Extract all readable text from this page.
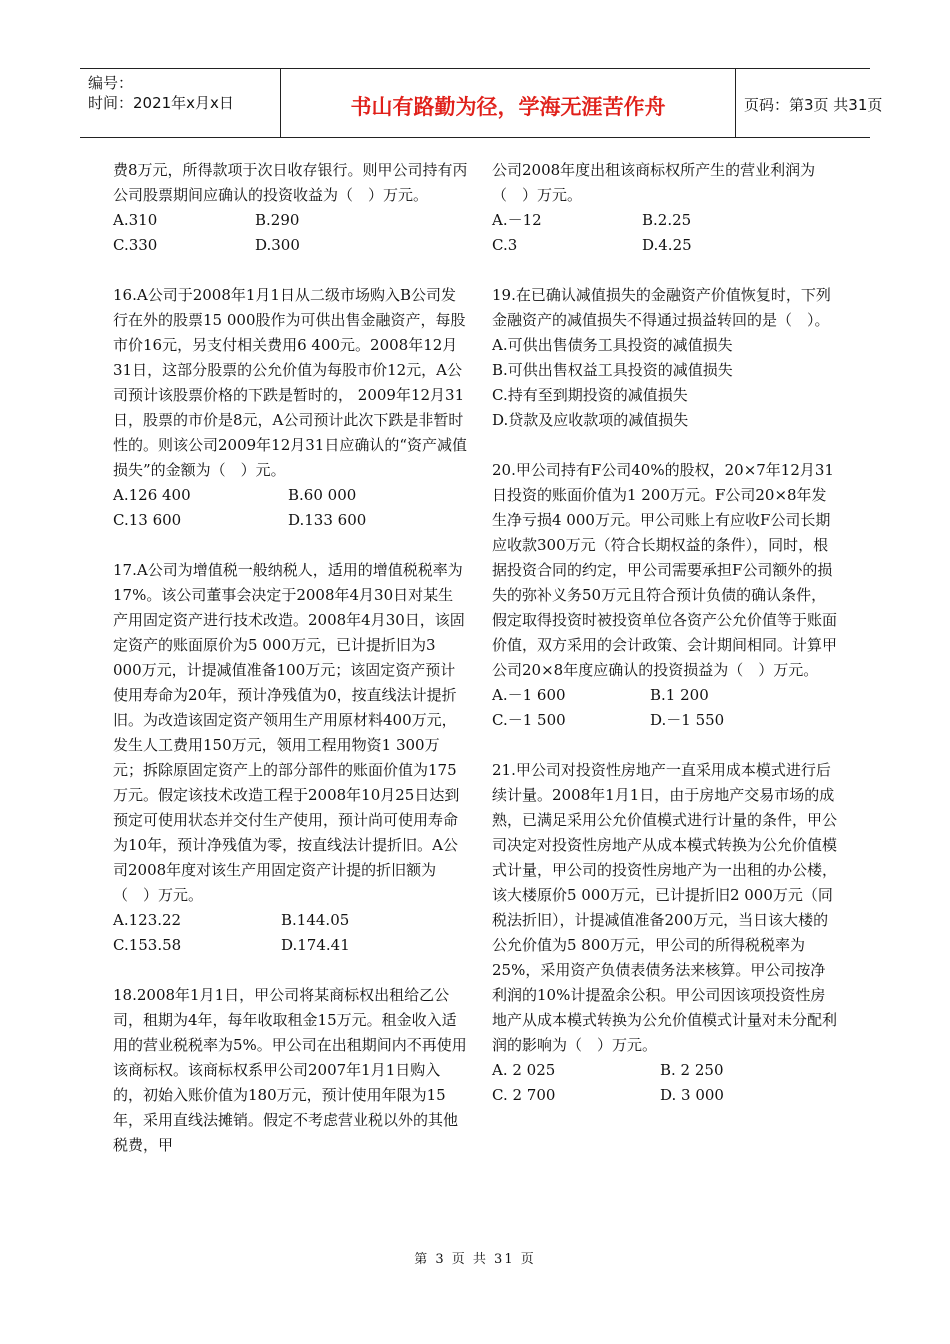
编号：
时间：2021年x月x日	书山有路勤为径，学海无涯苦作舟	页码：第3页 共31页
费8万元，所得款项于次日收存银行。则甲公司持有丙公司股票期间应确认的投资收益为（　）万元。
A.310	B.290
C.330	D.300
16.A公司于2008年1月1日从二级市场购入B公司发行在外的股票15 000股作为可供出售金融资产，每股市价16元，另支付相关费用6 400元。2008年12月31日，这部分股票的公允价值为每股市价12元，A公司预计该股票价格的下跌是暂时的， 2009年12月31日，股票的市价是8元，A公司预计此次下跌是非暂时性的。则该公司2009年12月31日应确认的“资产减值损失”的金额为（　）元。
A.126 400	B.60 000
C.13 600	D.133 600
17.A公司为增值税一般纳税人，适用的增值税税率为17%。该公司董事会决定于2008年4月30日对某生产用固定资产进行技术改造。2008年4月30日，该固定资产的账面原价为5 000万元，已计提折旧为3 000万元，计提减值准备100万元；该固定资产预计使用寿命为20年，预计净残值为0，按直线法计提折旧。为改造该固定资产领用生产用原材料400万元，发生人工费用150万元，领用工程用物资1 300万元；拆除原固定资产上的部分部件的账面价值为175万元。假定该技术改造工程于2008年10月25日达到预定可使用状态并交付生产使用，预计尚可使用寿命为10年，预计净残值为零，按直线法计提折旧。A公司2008年度对该生产用固定资产计提的折旧额为（　）万元。
A.123.22	B.144.05
C.153.58	D.174.41
18.2008年1月1日，甲公司将某商标权出租给乙公司，租期为4年，每年收取租金15万元。租金收入适用的营业税税率为5%。甲公司在出租期间内不再使用该商标权。该商标权系甲公司2007年1月1日购入的，初始入账价值为180万元，预计使用年限为15年，采用直线法摊销。假定不考虑营业税以外的其他税费，甲
公司2008年度出租该商标权所产生的营业利润为（　）万元。
A.－12	B.2.25
C.3	D.4.25
19.在已确认减值损失的金融资产价值恢复时，下列金融资产的减值损失不得通过损益转回的是（　）。
A.可供出售债务工具投资的减值损失
B.可供出售权益工具投资的减值损失
C.持有至到期投资的减值损失
D.贷款及应收款项的减值损失
20.甲公司持有F公司40%的股权，20×7年12月31日投资的账面价值为1 200万元。F公司20×8年发生净亏损4 000万元。甲公司账上有应收F公司长期应收款300万元（符合长期权益的条件），同时，根据投资合同的约定，甲公司需要承担F公司额外的损失的弥补义务50万元且符合预计负债的确认条件，假定取得投资时被投资单位各资产公允价值等于账面价值，双方采用的会计政策、会计期间相同。计算甲公司20×8年度应确认的投资损益为（　）万元。
A.－1 600	B.1 200
C.－1 500	D.－1 550
21.甲公司对投资性房地产一直采用成本模式进行后续计量。2008年1月1日，由于房地产交易市场的成熟，已满足采用公允价值模式进行计量的条件，甲公司决定对投资性房地产从成本模式转换为公允价值模式计量，甲公司的投资性房地产为一出租的办公楼，该大楼原价5 000万元，已计提折旧2 000万元（同税法折旧），计提减值准备200万元，当日该大楼的公允价值为5 800万元，甲公司的所得税税率为25%，采用资产负债表债务法来核算。甲公司按净利润的10%计提盈余公积。甲公司因该项投资性房地产从成本模式转换为公允价值模式计量对未分配利润的影响为（　）万元。
A. 2 025	B. 2 250
C. 2 700	D. 3 000
第 3 页 共 31 页
